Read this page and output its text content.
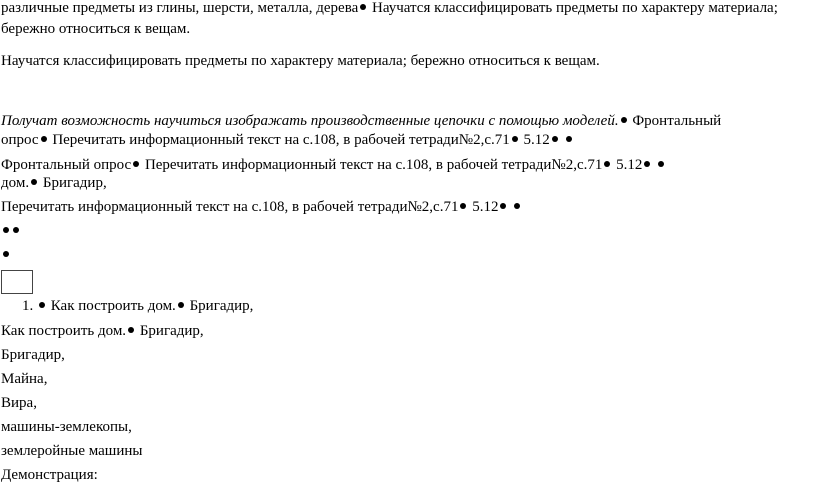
различные предметы из глины, шерсти, металла, дерева Научатся классифицировать предметы по характеру материала;
бережно относиться к вещам.
Научатся классифицировать предметы по характеру материала; бережно относиться к вещам.
Получат возможность научиться изображать производственные цепочки с помощью моделей. Фронтальный
опрос Перечитать информационный текст на с.108, в рабочей тетради№2,с.71 5.12
Фронтальный опрос Перечитать информационный текст на с.108, в рабочей тетради№2,с.71 5.12
дом. Бригадир,
Перечитать информационный текст на с.108, в рабочей тетради№2,с.71 5.12
1.  Как построить дом. Бригадир,
Как построить дом. Бригадир,
Бригадир,
Майна,
Вира,
машины-землекопы,
землеройные машины
Демонстрация:
